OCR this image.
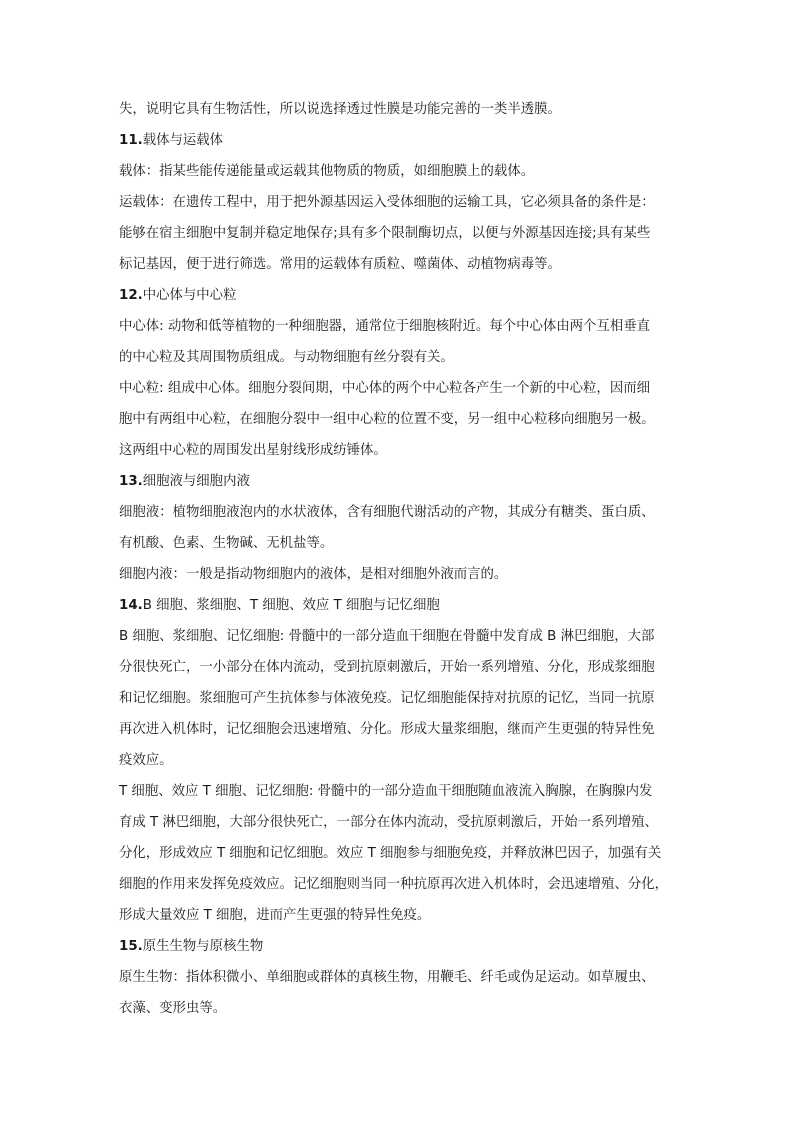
失，说明它具有生物活性，所以说选择透过性膜是功能完善的一类半透膜。
11.载体与运载体
载体：指某些能传递能量或运载其他物质的物质，如细胞膜上的载体。
运载体：在遗传工程中，用于把外源基因运入受体细胞的运输工具，它必须具备的条件是：
能够在宿主细胞中复制并稳定地保存;具有多个限制酶切点，以便与外源基因连接;具有某些
标记基因，便于进行筛选。常用的运载体有质粒、噬菌体、动植物病毒等。
12.中心体与中心粒
中心体: 动物和低等植物的一种细胞器，通常位于细胞核附近。每个中心体由两个互相垂直
的中心粒及其周围物质组成。与动物细胞有丝分裂有关。
中心粒: 组成中心体。细胞分裂间期，中心体的两个中心粒各产生一个新的中心粒，因而细
胞中有两组中心粒，在细胞分裂中一组中心粒的位置不变，另一组中心粒移向细胞另一极。
这两组中心粒的周围发出星射线形成纺锤体。
13.细胞液与细胞内液
细胞液：植物细胞液泡内的水状液体，含有细胞代谢活动的产物，其成分有糖类、蛋白质、
有机酸、色素、生物碱、无机盐等。
细胞内液：一般是指动物细胞内的液体，是相对细胞外液而言的。
14.B 细胞、浆细胞、T 细胞、效应 T 细胞与记忆细胞
B 细胞、浆细胞、记忆细胞: 骨髓中的一部分造血干细胞在骨髓中发育成 B 淋巴细胞，大部
分很快死亡，一小部分在体内流动，受到抗原刺激后，开始一系列增殖、分化，形成浆细胞
和记忆细胞。浆细胞可产生抗体参与体液免疫。记忆细胞能保持对抗原的记忆，当同一抗原
再次进入机体时，记忆细胞会迅速增殖、分化。形成大量浆细胞，继而产生更强的特异性免
疫效应。
T 细胞、效应 T 细胞、记忆细胞: 骨髓中的一部分造血干细胞随血液流入胸腺，在胸腺内发
育成 T 淋巴细胞，大部分很快死亡，一部分在体内流动，受抗原刺激后，开始一系列增殖、
分化，形成效应 T 细胞和记忆细胞。效应 T 细胞参与细胞免疫，并释放淋巴因子，加强有关
细胞的作用来发挥免疫效应。记忆细胞则当同一种抗原再次进入机体时，会迅速增殖、分化，
形成大量效应 T 细胞，进而产生更强的特异性免疫。
15.原生生物与原核生物
原生生物：指体积微小、单细胞或群体的真核生物，用鞭毛、纤毛或伪足运动。如草履虫、
衣藻、变形虫等。
